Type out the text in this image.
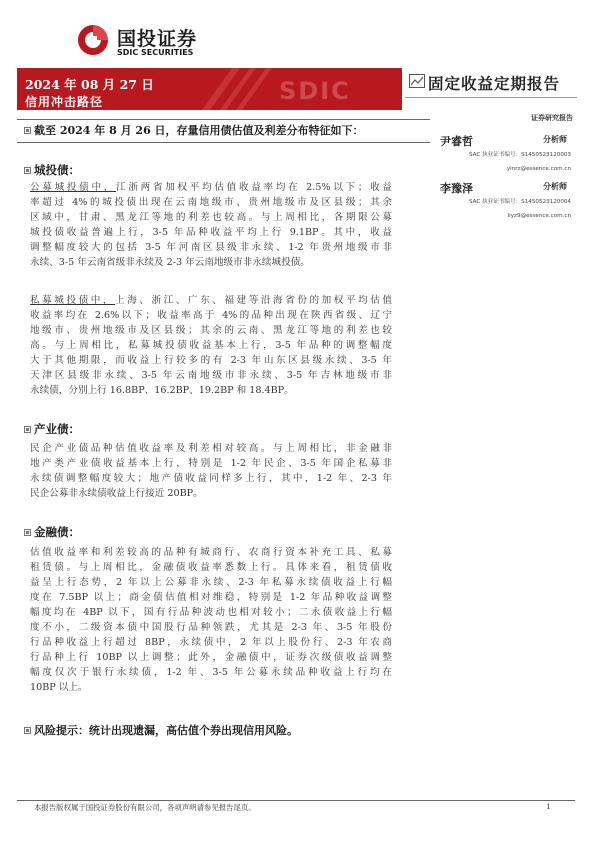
国投证券
SDIC SECURITIES
2024 年 08 月 27 日
信用冲击路径	SDIC	固定收益定期报告
证券研究报告
截至 2024 年 8 月 26 日，存量信用债估值及利差分布特征如下：
尹睿哲	分析师
SAC 执业证书编号：S1450523120003
yinrz@essence.com.cn
李豫泽	分析师
SAC 执业证书编号：S1450523120004
liyz9@essence.com.cn
城投债：
公募城投债中，江浙两省加权平均估值收益率均在 2.5%以下；收益
率超过 4%的城投债出现在云南地级市、贵州地级市及区县级；其余
区域中，甘肃、黑龙江等地的利差也较高。与上周相比，各期限公募
城投债收益普遍上行，3-5 年品种收益平均上行 9.1BP。其中，收益
调整幅度较大的包括 3-5 年河南区县级非永续、1-2 年贵州地级市非
永续、3-5 年云南省级非永续及 2-3 年云南地级市非永续城投债。
私募城投债中，上海、浙江、广东、福建等沿海省份的加权平均估值
收益率均在 2.6%以下；收益率高于 4%的品种出现在陕西省级、辽宁
地级市、贵州地级市及区县级；其余的云南、黑龙江等地的利差也较
高。与上周相比，私募城投债收益基本上行，3-5 年品种的调整幅度
大于其他期限，而收益上行较多的有 2-3 年山东区县级永续、3-5 年
天津区县级非永续、3-5 年云南地级市非永续、3-5 年吉林地级市非
永续债，分别上行 16.8BP、16.2BP、19.2BP 和 18.4BP。
产业债：
民企产业债品种估值收益率及利差相对较高。与上周相比，非金融非
地产类产业债收益基本上行，特别是 1-2 年民企、3-5 年国企私募非
永续债调整幅度较大；地产债收益同样多上行，其中，1-2 年、2-3 年
民企公募非永续债收益上行接近 20BP。
金融债：
估值收益率和利差较高的品种有城商行、农商行资本补充工具、私募
租赁债。与上周相比，金融债收益率悉数上行。具体来看，租赁债收
益呈上行态势，2 年以上公募非永续、2-3 年私募永续债收益上行幅
度在 7.5BP 以上；商金债估值相对维稳，特别是 1-2 年品种收益调整
幅度均在 4BP 以下，国有行品种波动也相对较小；二永债收益上行幅
度不小，二级资本债中国股行品种领跌，尤其是 2-3 年、3-5 年股份
行品种收益上行超过 8BP，永续债中，2 年以上股份行、2-3 年农商
行品种上行 10BP 以上调整；此外，金融债中，证券次级债收益调整
幅度仅次于银行永续债，1-2 年、3-5 年公募永续品种收益上行均在
10BP 以上。
风险提示：统计出现遗漏，高估值个券出现信用风险。
本报告版权属于国投证券股份有限公司，各项声明请参见报告尾页。	1
